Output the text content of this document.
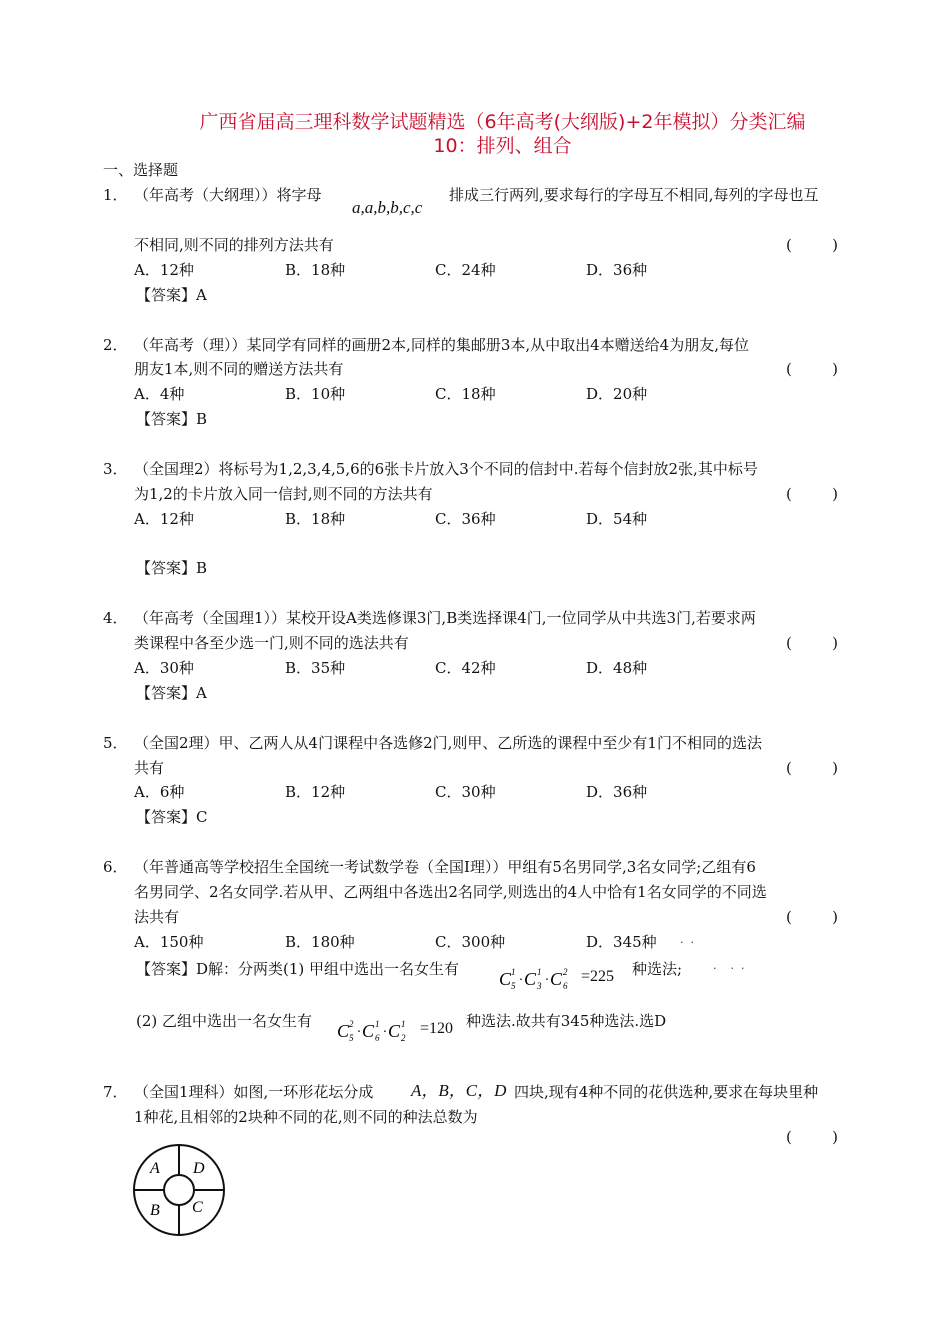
广西省届高三理科数学试题精选（6年高考(大纲版)+2年模拟）分类汇编
10：排列、组合
一、选择题
1． （年高考（大纲理））将字母
a,a,b,b,c,c
排成三行两列,要求每行的字母互不相同,每列的字母也互
不相同,则不同的排列方法共有	(	)
A．12种	B．18种	C．24种	D．36种
【答案】A
2． （年高考（理））某同学有同样的画册2本,同样的集邮册3本,从中取出4本赠送给4为朋友,每位
朋友1本,则不同的赠送方法共有	(	)
A．4种	B．10种	C．18种	D．20种
【答案】B
3． （全国理2）将标号为1,2,3,4,5,6的6张卡片放入3个不同的信封中.若每个信封放2张,其中标号
为1,2的卡片放入同一信封,则不同的方法共有	(	)
A．12种	B．18种	C．36种	D．54种
【答案】B
4． （年高考（全国理1））某校开设A类选修课3门,B类选择课4门,一位同学从中共选3门,若要求两
类课程中各至少选一门,则不同的选法共有	(	)
A．30种	B．35种	C．42种	D．48种
【答案】A
5． （全国2理）甲、乙两人从4门课程中各选修2门,则甲、乙所选的课程中至少有1门不相同的选法
共有	(	)
A．6种	B．12种	C．30种	D．36种
【答案】C
6． （年普通高等学校招生全国统一考试数学卷（全国Ⅰ理））甲组有5名男同学,3名女同学;乙组有6
名男同学、2名女同学.若从甲、乙两组中各选出2名同学,则选出的4人中恰有1名女同学的不同选
法共有	(	)
A．150种	B．180种	C．300种	D．345种 ·  ·
【答案】D解：分两类(1) 甲组中选出一名女生有 C 1
5 · C 1
3 · C 2
6
=225 种选法;	·    ·  ·
(2) 乙组中选出一名女生有 C 2
5 · C 1
6 · C 1
2
=120 种选法.故共有345种选法.选D
7． （全国1理科）如图,一环形花坛分成 A，B，C，D 四块,现有4种不同的花供选种,要求在每块里种
1种花,且相邻的2块种不同的花,则不同的种法总数为
(	)
A D
B C
